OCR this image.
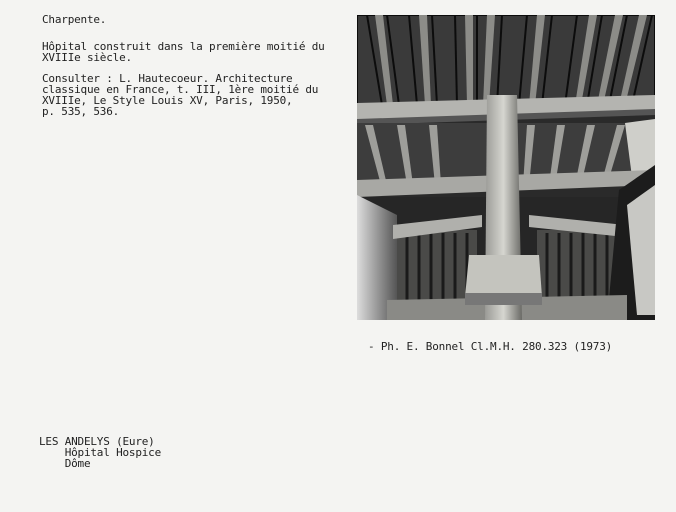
Charpente.
Hôpital construit dans la première moitié du
XVIIIe siècle.
Consulter : L. Hautecoeur. Architecture
classique en France, t. III, 1ère moitié du
XVIIIe, Le Style Louis XV, Paris, 1950,
p. 535, 536.
- Ph. E. Bonnel Cl.M.H. 280.323 (1973)
LES ANDELYS (Eure)
Hôpital Hospice
Dôme
